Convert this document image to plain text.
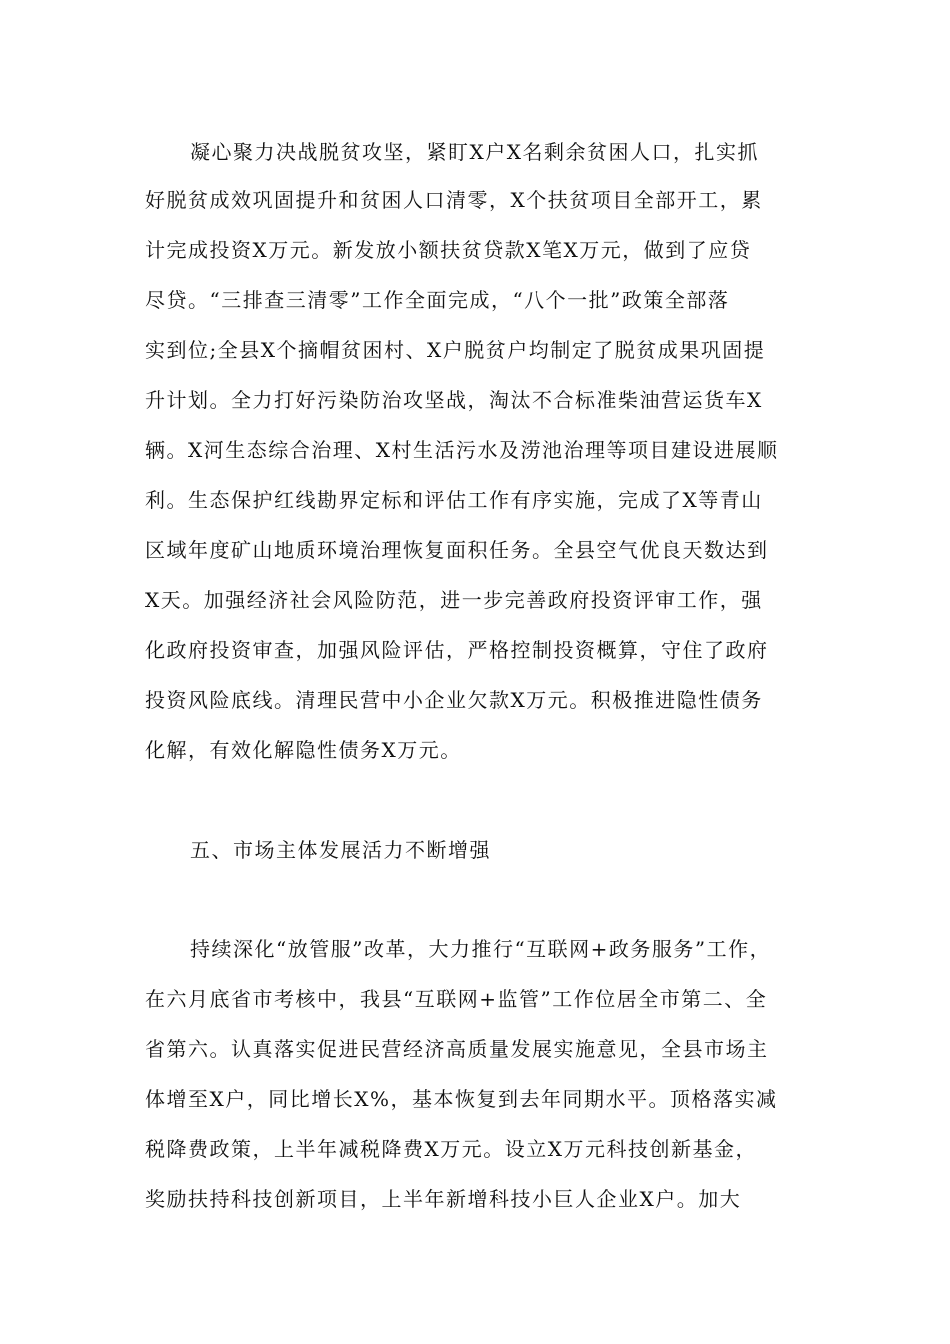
凝心聚力决战脱贫攻坚，紧盯X户X名剩余贫困人口，扎实抓
好脱贫成效巩固提升和贫困人口清零，X个扶贫项目全部开工，累
计完成投资X万元。新发放小额扶贫贷款X笔X万元，做到了应贷
尽贷。“三排查三清零”工作全面完成，“八个一批”政策全部落
实到位;全县X个摘帽贫困村、X户脱贫户均制定了脱贫成果巩固提
升计划。全力打好污染防治攻坚战，淘汰不合标准柴油营运货车X
辆。X河生态综合治理、X村生活污水及涝池治理等项目建设进展顺
利。生态保护红线勘界定标和评估工作有序实施，完成了X等青山
区域年度矿山地质环境治理恢复面积任务。全县空气优良天数达到
X天。加强经济社会风险防范，进一步完善政府投资评审工作，强
化政府投资审查，加强风险评估，严格控制投资概算，守住了政府
投资风险底线。清理民营中小企业欠款X万元。积极推进隐性债务
化解，有效化解隐性债务X万元。
五、市场主体发展活力不断增强
持续深化“放管服”改革，大力推行“互联网+政务服务”工作，
在六月底省市考核中，我县“互联网+监管”工作位居全市第二、全
省第六。认真落实促进民营经济高质量发展实施意见，全县市场主
体增至X户，同比增长X%，基本恢复到去年同期水平。顶格落实减
税降费政策，上半年减税降费X万元。设立X万元科技创新基金，
奖励扶持科技创新项目，上半年新增科技小巨人企业X户。加大
